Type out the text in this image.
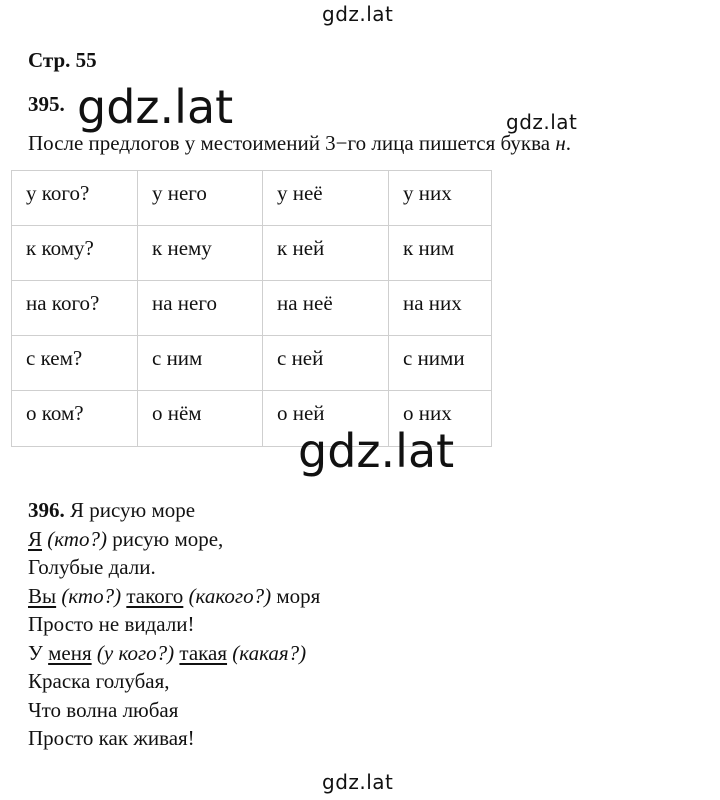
gdz.lat
gdz.lat	gdz.lat
Стр. 55
395.
После предлогов у местоимений 3−го лица пишется буква н.
у кого?	у него	у неё	у них
к кому?	к нему	к ней	к ним
на кого?	на него	на неё	на них
с кем?	с ним	с ней	с ними
о ком?	о нём	о ней	о них
gdz.lat
396. Я рисую море
Я (кто?) рисую море,
Голубые дали.
Вы (кто?) такого (какого?) моря
Просто не видали!
У меня (у кого?) такая (какая?)
Краска голубая,
Что волна любая
Просто как живая!
gdz.lat
